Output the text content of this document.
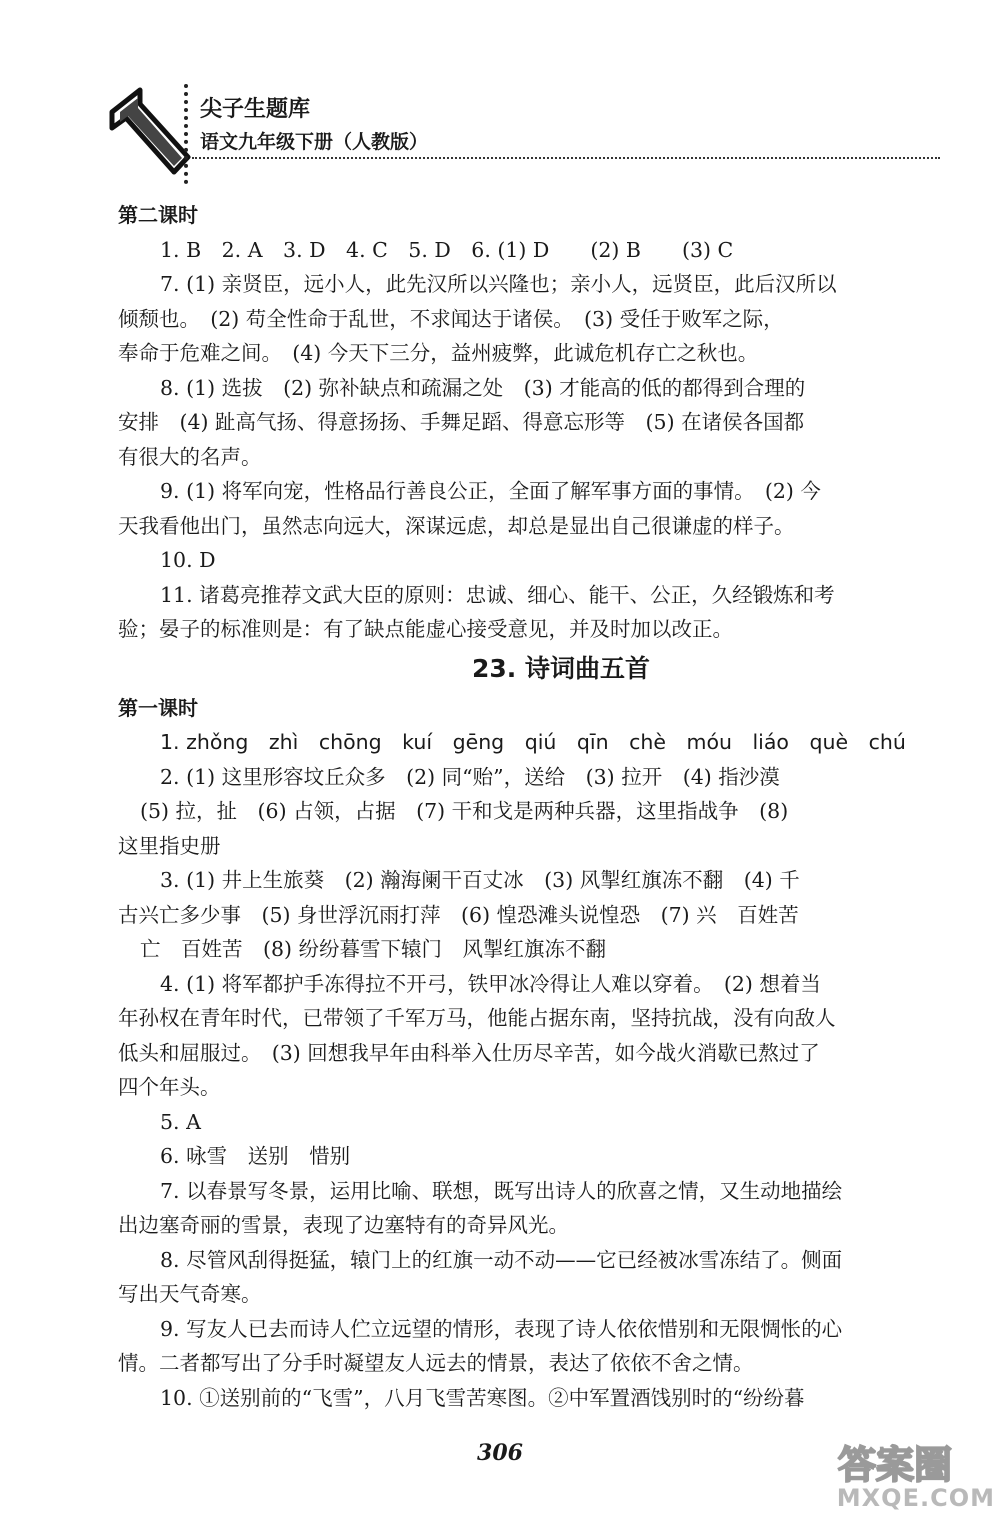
尖子生题库
语文九年级下册（人教版）
第二课时
1. B　2. A　3. D　4. C　5. D　6. (1) D　　(2) B　　(3) C
7. (1) 亲贤臣，远小人，此先汉所以兴隆也；亲小人，远贤臣，此后汉所以
倾颓也。　(2) 苟全性命于乱世，不求闻达于诸侯。　(3) 受任于败军之际，
奉命于危难之间。　(4) 今天下三分，益州疲弊，此诚危机存亡之秋也。
8. (1) 选拔　(2) 弥补缺点和疏漏之处　(3) 才能高的低的都得到合理的
安排　(4) 趾高气扬、得意扬扬、手舞足蹈、得意忘形等　(5) 在诸侯各国都
有很大的名声。
9. (1) 将军向宠，性格品行善良公正，全面了解军事方面的事情。　(2) 今
天我看他出门，虽然志向远大，深谋远虑，却总是显出自己很谦虚的样子。
10. D
11. 诸葛亮推荐文武大臣的原则：忠诚、细心、能干、公正，久经锻炼和考
验；晏子的标准则是：有了缺点能虚心接受意见，并及时加以改正。
23. 诗词曲五首
第一课时
1. zhǒng　zhì　chōng　kuí　gēng　qiú　qīn　chè　móu　liáo　què　chú
2. (1) 这里形容坟丘众多　(2) 同“贻”，送给　(3) 拉开　(4) 指沙漠
(5) 拉，扯　(6) 占领，占据　(7) 干和戈是两种兵器，这里指战争　(8)
这里指史册
3. (1) 井上生旅葵　(2) 瀚海阑干百丈冰　(3) 风掣红旗冻不翻　(4) 千
古兴亡多少事　(5) 身世浮沉雨打萍　(6) 惶恐滩头说惶恐　(7) 兴　百姓苦
亡　百姓苦　(8) 纷纷暮雪下辕门　风掣红旗冻不翻
4. (1) 将军都护手冻得拉不开弓，铁甲冰冷得让人难以穿着。　(2) 想着当
年孙权在青年时代，已带领了千军万马，他能占据东南，坚持抗战，没有向敌人
低头和屈服过。　(3) 回想我早年由科举入仕历尽辛苦，如今战火消歇已熬过了
四个年头。
5. A
6. 咏雪　送别　惜别
7. 以春景写冬景，运用比喻、联想，既写出诗人的欣喜之情，又生动地描绘
出边塞奇丽的雪景，表现了边塞特有的奇异风光。
8. 尽管风刮得挺猛，辕门上的红旗一动不动——它已经被冰雪冻结了。侧面
写出天气奇寒。
9. 写友人已去而诗人伫立远望的情形，表现了诗人依依惜别和无限惆怅的心
情。二者都写出了分手时凝望友人远去的情景，表达了依依不舍之情。
10. ①送别前的“飞雪”，八月飞雪苦寒图。②中军置酒饯别时的“纷纷暮
306	答案圈
MXQE.COM
